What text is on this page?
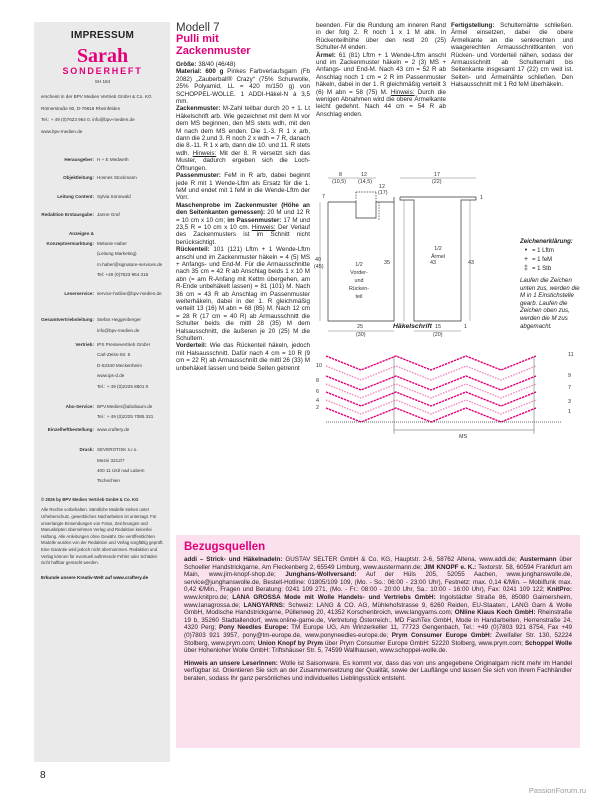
IMPRESSUM
Sarah
SONDERHEFT
SH 184
erscheint in der BPV Medien Vertrieb GmbH & Co. KG
Römerstraße 90, D-79618 Rheinfelden
Tel.: + 49 (0)7623 964 0, info@bpv-medien.de
www.bpv-medien.de
Herausgeber: H + E Medweth
Objektleitung: Hosnes Stockmann
Leitung Content: Sylvia Sonnwald
Redaktion Erstausgabe: Janne Graf
Anzeigen &
Konzeptvermarktung: Melanie Haber
(Leitung Marketing)
m.haber@signature-services.de
Tel: +49 (0)7623 964 316
Leserservice: service-hotline@bpv-medien.de
Gesamtvertriebsleitung: Stefan Heggenberger
info@bpv-medien.de
Vertrieb: IPS Pressevertrieb GmbH
Carl-Zeiss-Str. 5
D-53340 Meckenheim
www.ips-d.de
Tel.: + 49 (0)2225 8801 0
Abo-Service: BPV.Medien@abobaum.de
Tel.: + 49 (0)2225 7085 321
Einzelheftbestellung: www.craftery.de
Druck: SEVEROTISK s.r.o.
Mezni 3212/7
400 11 Ústí nad Labem
Tschechien
© 2026 by BPV Medien Vertrieb GmbH & Co. KG
Alle Rechte vorbehalten. Sämtliche Modelle stehen unter Urheberschutz, gewerbliches Nacharbeiten ist untersagt. Für unverlangte Einsendungen von Fotos, Zeichnungen und Manuskripten übernehmen Verlag und Redaktion keinerlei Haftung. Alle Anleitungen ohne Gewähr. Die veröffentlichten Modelle wurden von der Redaktion und Verlag sorgfältig geprüft. Eine Garantie wird jedoch nicht übernommen. Redaktion und Verlag können für eventuell auftretende Fehler oder Schäden nicht haftbar gemacht werden.
Erkunde unsere Kreativ-Welt auf www.craftery.de
Modell 7
Pulli mit
Zackenmuster
Größe: 38/40 (46/48)
Material: 600 g Pinkes Farbverlaufsgarn (Fb 2082) „Zauberball® Crazy“ (75% Schurwolle, 25% Polyamid, LL = 420 m/150 g) von SCHOPPEL-WOLLE. 1 ADDI-Häkel-N à 3,5 mm.
Zackenmuster: M-Zahl teilbar durch 20 + 1. Lt Häkelschrift arb. Wie gezeichnet mit dem M vor dem MS beginnen, den MS stets wdh, mit den M nach dem MS enden. Die 1.-3. R 1 x arb, dann die 2.und 3. R noch 2 x wdh = 7 R, danach die 8.-11. R 1 x arb, dann die 10. und 11. R stets wdh. Hinweis: Mit der 8. R versetzt sich das Muster, dadurch ergeben sich die Loch-Öffnungen.
Passenmuster: FeM in R arb, dabei beginnt jede R mit 1 Wende-Lftm als Ersatz für die 1. feM und endet mit 1 feM in die Wende-Lftm der Vorr.
Maschenprobe im Zackenmuster (Höhe an den Seitenkanten gemessen): 20 M und 12 R = 10 cm x 10 cm; im Passenmuster: 17 M und 23,5 R = 10 cm x 10 cm. Hinweis: Der Verlauf des Zackenmusters ist im Schnitt nicht berücksichtigt.
Rückenteil: 101 (121) Lftm + 1 Wende-Lftm anschl und im Zackenmuster häkeln = 4 (5) MS + Anfangs- und End-M. Für die Armausschnitte nach 35 cm = 42 R ab Anschlag beids 1 x 10 M abn (= am R-Anfang mit Kettm übergehen, am R-Ende unbehäkelt lassen) = 81 (101) M. Nach 36 cm = 43 R ab Anschlag im Passenmuster weiterhäkeln, dabei in der 1. R gleichmäßig verteilt 13 (16) M abn = 68 (85) M. Nach 12 cm = 28 R (17 cm = 40 R) ab Armausschnitt die Schulter beids die mittl 28 (35) M dem Halsausschnitt, die äußeren je 20 (25) M die Schultern.
Vorderteil: Wie das Rückenteil häkeln, jedoch mit Halsausschnitt. Dafür nach 4 cm = 10 R (9 cm = 22 R) ab Armausschnitt die mittl 26 (33) M unbehäkelt lassen und beide Seiten getrennt
beenden. Für die Rundung am inneren Rand in der folg 2. R noch 1 x 1 M abk. In Rückenteilhöhe über den restl 20 (25) Schulter-M enden.
Ärmel: 61 (81) Lftm + 1 Wende-Lftm anschl und im Zackenmuster häkeln = 2 (3) MS + Anfangs- und End-M. Nach 43 cm = 52 R ab Anschlag noch 1 cm = 2 R im Passenmuster häkeln, dabei in der 1. R gleichmäßig verteilt 3 (6) M abn = 58 (75) M. Hinweis: Durch die wenigen Abnahmen wird die obere Ärmelkante leicht gedehnt. Nach 44 cm = 54 R ab Anschlag enden.
Fertigstellung: Schulternähte schließen. Ärmel einsetzen, dabei die obere Ärmelkante an die senkrechten und waagerechten Armausschnittkanten von Rücken- und Vorderteil nähen, sodass der Armausschnitt ab Schulternaht bis Seitenkante insgesamt 17 (22) cm weit ist. Seiten- und Ärmelnähte schließen. Den Halsausschnitt mit 1 Rd feM überhäkeln.
8
(10,5)
12
(14,5)
12
(17)
7
40
(45)
35
25
(30)
17
(22)
1
43	43
15
(20)
1
1/2
Vorder-
und
Rücken-
teil
1/2
Ärmel
Zeichenerklärung:
• = 1 Lftm
+ = 1 feM
‡ = 1 Stb
Laufen die Zeichen unten zus, werden die M in 1 Einstichstelle gearb. Laufen die Zeichen oben zus, werden die M zus abgemacht.
Häkelschrift
MS
11
9
7
3
1
10
8
6
4
2
Bezugsquellen
addi – Strick- und Häkelnadeln: GUSTAV SELTER GmbH & Co. KG, Hauptstr. 2-6, 58762 Altena, www.addi.de; Austermann über Schoeller Handstrickgarne, Am Fleckenberg 2, 65549 Limburg, www.austermann.de; JIM KNOPF e. K.: Textorstr. 58, 60594 Frankfurt am Main, www.jim-knopf-shop.de; Junghans-Wollversand: Auf der Hüls 205, 52055 Aachen, www.junghanswolle.de, service@junghanswolle.de, Bestell-Hotline: 01805/109 109, (Mo. - So.: 06:00 - 23:00 Uhr), Festnetz: max. 0,14 €/Min. – Mobilfunk max. 0,42 €/Min., Fragen und Beratung: 0241 109 271, (Mo. - Fr.: 08:00 - 20:00 Uhr, Sa.: 10:00 - 16:00 Uhr), Fax: 0241 109 122; KnitPro: www.knitpro.de; LANA GROSSA Mode mit Wolle Handels- und Vertriebs GmbH: Ingolstädter Straße 86, 85080 Gaimersheim, www.lanagrossa.de; LANGYARNS: Schweiz: LANG & CO. AG, Mühlehofstrasse 9, 6260 Reiden, EU-Staaten:, LANG Garn & Wolle GmbH, Modische Handstrickgarne, Püllenweg 20, 41352 Korschenbroich, www.langyarns.com; ONline Klaus Koch GmbH: Rheinstraße 19 b, 35260 Stadtallendorf, www.online-garne.de, Vertretung Österreich:, MD FashTex GmbH, Mode in Handarbeiten, Herrenstraße 24, 4320 Perg; Pony Needles Europe: TM Europe UG, Am Winzerkeller 11, 77723 Gengenbach, Tel.: +49 (0)7803 921 8754, Fax +49 (0)7803 921 3957, pony@tm-europe.de, www.ponyneedles-europe.de; Prym Consumer Europe GmbH: Zweifaller Str. 130, 52224 Stolberg, www.prym.com; Union Knopf by Prym über Prym Consumer Europe GmbH: 52220 Stolberg, www.prym.com; Schoppel Wolle über Hohenloher Wolle GmbH: Triftshäuser Str. 5, 74599 Wallhausen, www.schoppel-wolle.de.
Hinweis an unsere LeserInnen: Wolle ist Saisonware. Es kommt vor, dass das von uns angegebene Originalgarn nicht mehr im Handel verfügbar ist. Orientieren Sie sich an der Zusammensetzung der Qualität, sowie der Lauflänge und lassen Sie sich von Ihrem Fachhändler beraten, sodass Ihr ganz persönliches und individuelles Lieblingsstück entsteht.
8
PassionForum.ru
